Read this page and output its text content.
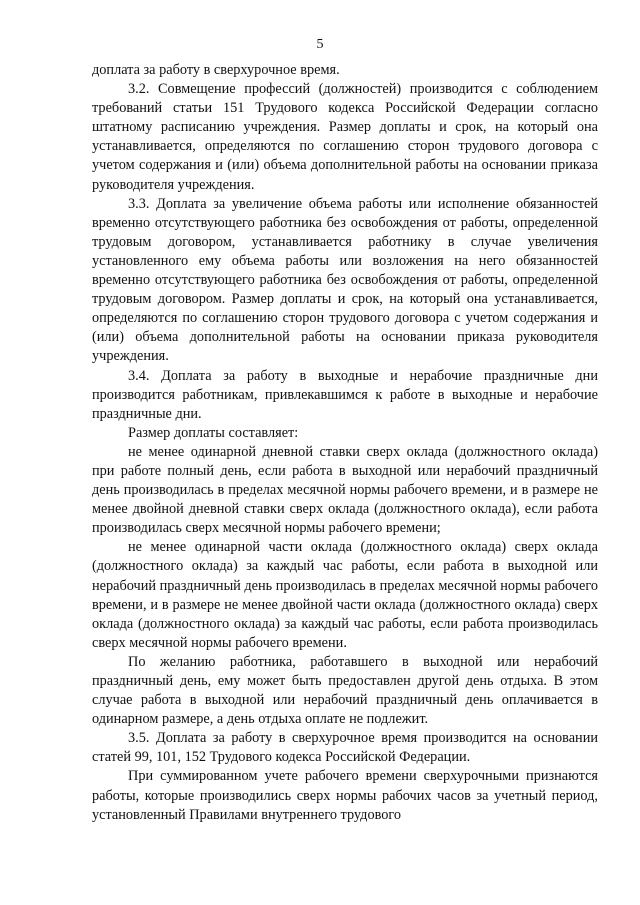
5

доплата за работу в сверхурочное время.

3.2. Совмещение профессий (должностей) производится с соблюдением требований статьи 151 Трудового кодекса Российской Федерации согласно штатному расписанию учреждения. Размер доплаты и срок, на который она устанавливается, определяются по соглашению сторон трудового договора с учетом содержания и (или) объема дополнительной работы на основании приказа руководителя учреждения.

3.3. Доплата за увеличение объема работы или исполнение обязанностей временно отсутствующего работника без освобождения от работы, определенной трудовым договором, устанавливается работнику в случае увеличения установленного ему объема работы или возложения на него обязанностей временно отсутствующего работника без освобождения от работы, определенной трудовым договором. Размер доплаты и срок, на который она устанавливается, определяются по соглашению сторон трудового договора с учетом содержания и (или) объема дополнительной работы на основании приказа руководителя учреждения.

3.4. Доплата за работу в выходные и нерабочие праздничные дни производится работникам, привлекавшимся к работе в выходные и нерабочие праздничные дни.

Размер доплаты составляет:

не менее одинарной дневной ставки сверх оклада (должностного оклада) при работе полный день, если работа в выходной или нерабочий праздничный день производилась в пределах месячной нормы рабочего времени, и в размере не менее двойной дневной ставки сверх оклада (должностного оклада), если работа производилась сверх месячной нормы рабочего времени;

не менее одинарной части оклада (должностного оклада) сверх оклада (должностного оклада) за каждый час работы, если работа в выходной или нерабочий праздничный день производилась в пределах месячной нормы рабочего времени, и в размере не менее двойной части оклада (должностного оклада) сверх оклада (должностного оклада) за каждый час работы, если работа производилась сверх месячной нормы рабочего времени.

По желанию работника, работавшего в выходной или нерабочий праздничный день, ему может быть предоставлен другой день отдыха. В этом случае работа в выходной или нерабочий праздничный день оплачивается в одинарном размере, а день отдыха оплате не подлежит.

3.5. Доплата за работу в сверхурочное время производится на основании статей 99, 101, 152 Трудового кодекса Российской Федерации.

При суммированном учете рабочего времени сверхурочными признаются работы, которые производились сверх нормы рабочих часов за учетный период, установленный Правилами внутреннего трудового
